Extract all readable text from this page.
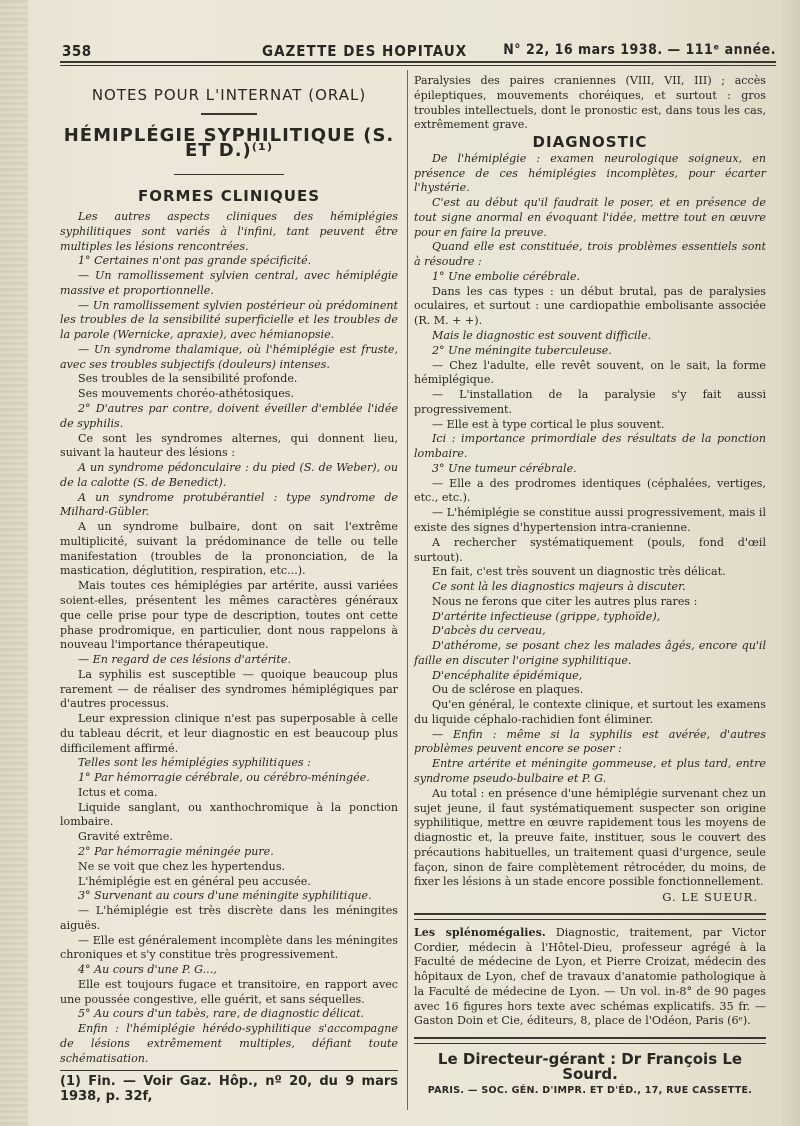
358	GAZETTE DES HOPITAUX	N° 22, 16 mars 1938. — 111ᵉ année.
NOTES POUR L'INTERNAT (ORAL)
HÉMIPLÉGIE SYPHILITIQUE (S. ET D.)⁽¹⁾
FORMES CLINIQUES

Les autres aspects cliniques des hémiplégies syphilitiques sont variés à l'infini, tant peuvent être multiples les lésions rencontrées.

1° Certaines n'ont pas grande spécificité.

— Un ramollissement sylvien central, avec hémiplégie massive et proportionnelle.

— Un ramollissement sylvien postérieur où prédominent les troubles de la sensibilité superficielle et les troubles de la parole (Wernicke, apraxie), avec hémianopsie.

— Un syndrome thalamique, où l'hémiplégie est fruste, avec ses troubles subjectifs (douleurs) intenses.

Ses troubles de la sensibilité profonde.

Ses mouvements choréo-athétosiques.

2° D'autres par contre, doivent éveiller d'emblée l'idée de syphilis.

Ce sont les syndromes alternes, qui donnent lieu, suivant la hauteur des lésions :

A un syndrome pédonculaire : du pied (S. de Weber), ou de la calotte (S. de Benedict).

A un syndrome protubérantiel : type syndrome de Milhard-Gübler.

A un syndrome bulbaire, dont on sait l'extrême multiplicité, suivant la prédominance de telle ou telle manifestation (troubles de la prononciation, de la mastication, déglutition, respiration, etc...).

Mais toutes ces hémiplégies par artérite, aussi variées soient-elles, présentent les mêmes caractères généraux que celle prise pour type de description, toutes ont cette phase prodromique, en particulier, dont nous rappelons à nouveau l'importance thérapeutique.

— En regard de ces lésions d'artérite.

La syphilis est susceptible — quoique beaucoup plus rarement — de réaliser des syndromes hémiplégiques par d'autres processus.

Leur expression clinique n'est pas superposable à celle du tableau décrit, et leur diagnostic en est beaucoup plus difficilement affirmé.

Telles sont les hémiplégies syphilitiques :

1° Par hémorragie cérébrale, ou cérébro-méningée.

Ictus et coma.

Liquide sanglant, ou xanthochromique à la ponction lombaire.

Gravité extrême.

2° Par hémorragie méningée pure.

Ne se voit que chez les hypertendus.

L'hémiplégie est en général peu accusée.

3° Survenant au cours d'une méningite syphilitique.

— L'hémiplégie est très discrète dans les méningites aiguës.

— Elle est généralement incomplète dans les méningites chroniques et s'y constitue très progressivement.

4° Au cours d'une P. G...,

Elle est toujours fugace et transitoire, en rapport avec une poussée congestive, elle guérit, et sans séquelles.

5° Au cours d'un tabès, rare, de diagnostic délicat.

Enfin : l'hémiplégie hérédo-syphilitique s'accompagne de lésions extrêmement multiples, défiant toute schématisation.

(1) Fin. — Voir Gaz. Hôp., nº 20, du 9 mars 1938, p. 32f,

Paralysies des paires craniennes (VIII, VII, III) ; accès épileptiques, mouvements choréiques, et surtout : gros troubles intellectuels, dont le pronostic est, dans tous les cas, extrêmement grave.

DIAGNOSTIC

De l'hémiplégie : examen neurologique soigneux, en présence de ces hémiplégies incomplètes, pour écarter l'hystérie.

C'est au début qu'il faudrait le poser, et en présence de tout signe anormal en évoquant l'idée, mettre tout en œuvre pour en faire la preuve.

Quand elle est constituée, trois problèmes essentiels sont à résoudre :

1° Une embolie cérébrale.

Dans les cas types : un début brutal, pas de paralysies oculaires, et surtout : une cardiopathie embolisante associée (R. M. + +).

Mais le diagnostic est souvent difficile.

2° Une méningite tuberculeuse.

— Chez l'adulte, elle revêt souvent, on le sait, la forme hémiplégique.

— L'installation de la paralysie s'y fait aussi progressivement.

— Elle est à type cortical le plus souvent.

Ici : importance primordiale des résultats de la ponction lombaire.

3° Une tumeur cérébrale.

— Elle a des prodromes identiques (céphalées, vertiges, etc., etc.).

— L'hémiplégie se constitue aussi progressivement, mais il existe des signes d'hypertension intra-cranienne.

A rechercher systématiquement (pouls, fond d'œil surtout).

En fait, c'est très souvent un diagnostic très délicat.

Ce sont là les diagnostics majeurs à discuter.

Nous ne ferons que citer les autres plus rares :

D'artérite infectieuse (grippe, typhoïde),

D'abcès du cerveau,

D'athérome, se posant chez les malades âgés, encore qu'il faille en discuter l'origine syphilitique.

D'encéphalite épidémique,

Ou de sclérose en plaques.

Qu'en général, le contexte clinique, et surtout les examens du liquide céphalo-rachidien font éliminer.

— Enfin : même si la syphilis est avérée, d'autres problèmes peuvent encore se poser :

Entre artérite et méningite gommeuse, et plus tard, entre syndrome pseudo-bulbaire et P. G.

Au total : en présence d'une hémiplégie survenant chez un sujet jeune, il faut systématiquement suspecter son origine syphilitique, mettre en œuvre rapidement tous les moyens de diagnostic et, la preuve faite, instituer, sous le couvert des précautions habituelles, un traitement quasi d'urgence, seule façon, sinon de faire complètement rétrocéder, du moins, de fixer les lésions à un stade encore possible fonctionnellement.

G. LE SUEUR.

Les splénomégalies. Diagnostic, traitement, par Victor Cordier, médecin à l'Hôtel-Dieu, professeur agrégé à la Faculté de médecine de Lyon, et Pierre Croizat, médecin des hôpitaux de Lyon, chef de travaux d'anatomie pathologique à la Faculté de médecine de Lyon. — Un vol. in-8° de 90 pages avec 16 figures hors texte avec schémas explicatifs. 35 fr. — Gaston Doin et Cie, éditeurs, 8, place de l'Odéon, Paris (6ᵉ).

Le Directeur-gérant : Dr François Le Sourd.
PARIS. — SOC. GÉN. D'IMPR. ET D'ÉD., 17, RUE CASSETTE.
